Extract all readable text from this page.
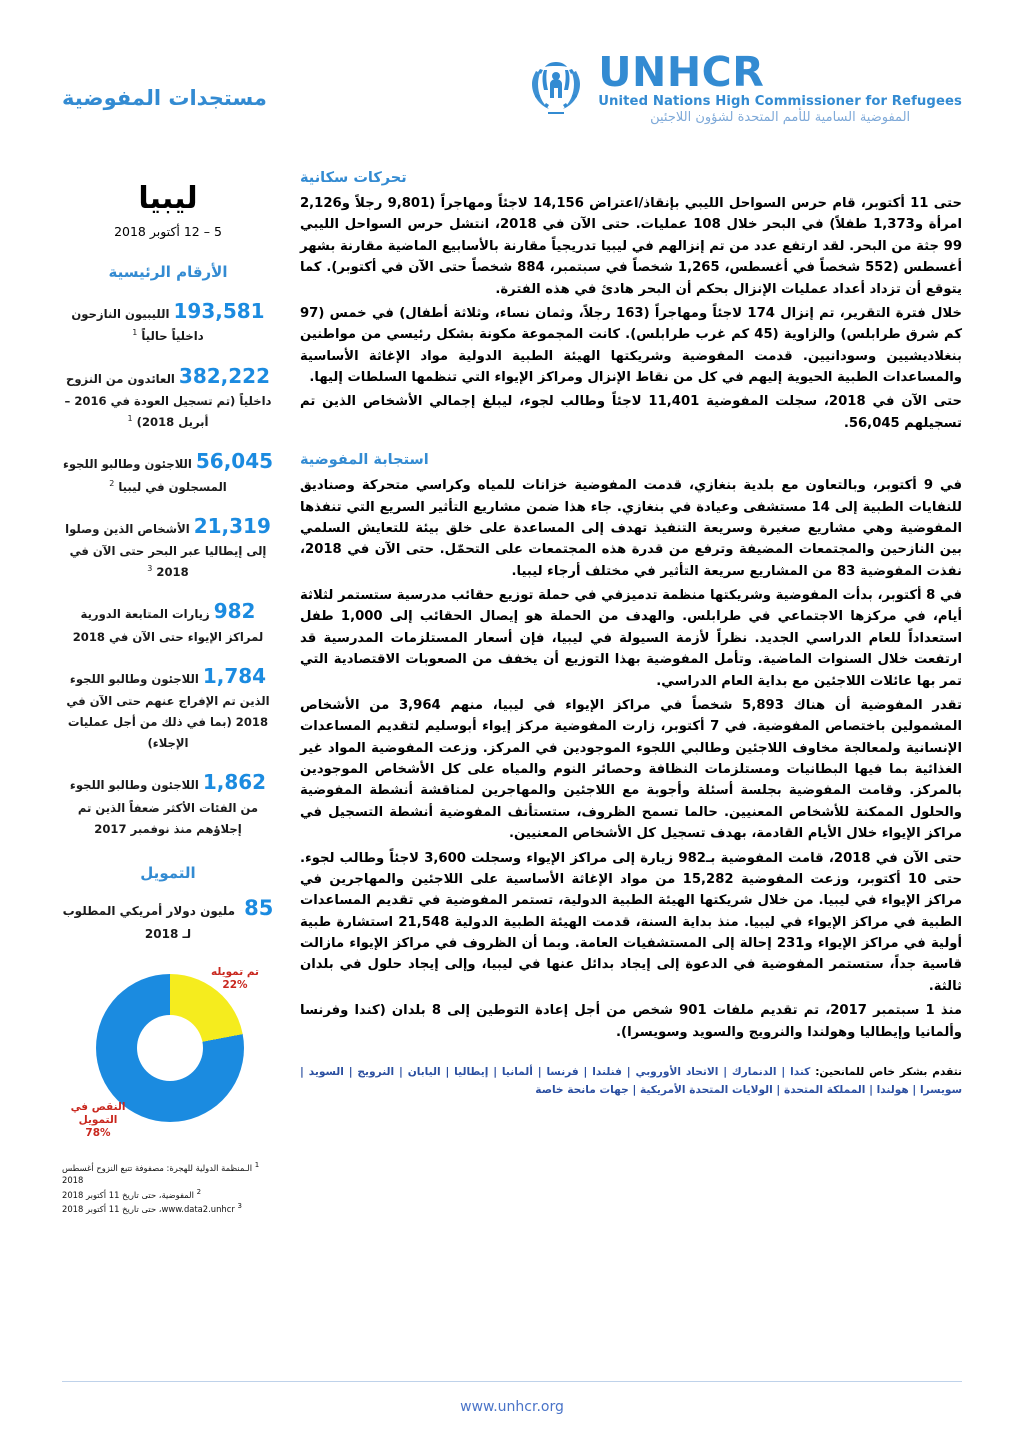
مستجدات المفوضية
UNHCR
United Nations High Commissioner for Refugees
المفوضية السامية للأمم المتحدة لشؤون اللاجئين
تحركات سكانية

حتى 11 أكتوبر، قام حرس السواحل الليبي بإنقاذ/اعتراض 14,156 لاجئاً ومهاجراً (9,801 رجلاً و2,126 امرأة و1,373 طفلاً) في البحر خلال 108 عمليات. حتى الآن في 2018، انتشل حرس السواحل الليبي 99 جثة من البحر. لقد ارتفع عدد من تم إنزالهم في ليبيا تدريجياً مقارنة بالأسابيع الماضية مقارنة بشهر أغسطس (552 شخصاً في أغسطس، 1,265 شخصاً في سبتمبر، 884 شخصاً حتى الآن في أكتوبر). كما يتوقع أن تزداد أعداد عمليات الإنزال بحكم أن البحر هادئ في هذه الفترة.

خلال فترة التقرير، تم إنزال 174 لاجئاً ومهاجراً (163 رجلاً، وثمان نساء، وثلاثة أطفال) في خمس (97 كم شرق طرابلس) والزاوية (45 كم غرب طرابلس). كانت المجموعة مكونة بشكل رئيسي من مواطنين بنغلاديشيين وسودانيين. قدمت المفوضية وشريكتها الهيئة الطبية الدولية مواد الإغاثة الأساسية والمساعدات الطبية الحيوية إليهم في كل من نقاط الإنزال ومراكز الإيواء التي تنظمها السلطات إليها.

حتى الآن في 2018، سجلت المفوضية 11,401 لاجئاً وطالب لجوء، ليبلغ إجمالي الأشخاص الذين تم تسجيلهم 56,045.

استجابة المفوضية

في 9 أكتوبر، وبالتعاون مع بلدية بنغازي، قدمت المفوضية خزانات للمياه وكراسي متحركة وصناديق للنفايات الطبية إلى 14 مستشفى وعيادة في بنغازي. جاء هذا ضمن مشاريع التأثير السريع التي تنفذها المفوضية وهي مشاريع صغيرة وسريعة التنفيذ تهدف إلى المساعدة على خلق بيئة للتعايش السلمي بين النازحين والمجتمعات المضيفة وترفع من قدرة هذه المجتمعات على التحمّل. حتى الآن في 2018، نفذت المفوضية 83 من المشاريع سريعة التأثير في مختلف أرجاء ليبيا.

في 8 أكتوبر، بدأت المفوضية وشريكتها منظمة تدميزفي في حملة توزيع حقائب مدرسية ستستمر لثلاثة أيام، في مركزها الاجتماعي في طرابلس. والهدف من الحملة هو إيصال الحقائب إلى 1,000 طفل استعداداً للعام الدراسي الجديد. نظراً لأزمة السيولة في ليبيا، فإن أسعار المستلزمات المدرسية قد ارتفعت خلال السنوات الماضية. وتأمل المفوضية بهذا التوزيع أن يخفف من الصعوبات الاقتصادية التي تمر بها عائلات اللاجئين مع بداية العام الدراسي.

تقدر المفوضية أن هناك 5,893 شخصاً في مراكز الإيواء في ليبيا، منهم 3,964 من الأشخاص المشمولين باختصاص المفوضية. في 7 أكتوبر، زارت المفوضية مركز إيواء أبوسليم لتقديم المساعدات الإنسانية ولمعالجة مخاوف اللاجئين وطالبي اللجوء الموجودين في المركز. وزعت المفوضية المواد غير الغذائية بما فيها البطانيات ومستلزمات النظافة وحصائر النوم والمياه على كل الأشخاص الموجودين بالمركز. وقامت المفوضية بجلسة أسئلة وأجوبة مع اللاجئين والمهاجرين لمناقشة أنشطة المفوضية والحلول الممكنة للأشخاص المعنيين. حالما تسمح الظروف، ستستأنف المفوضية أنشطة التسجيل في مراكز الإيواء خلال الأيام القادمة، بهدف تسجيل كل الأشخاص المعنيين.

حتى الآن في 2018، قامت المفوضية بـ982 زيارة إلى مراكز الإيواء وسجلت 3,600 لاجئاً وطالب لجوء. حتى 10 أكتوبر، وزعت المفوضية 15,282 من مواد الإغاثة الأساسية على اللاجئين والمهاجرين في مراكز الإيواء في ليبيا. من خلال شريكتها الهيئة الطبية الدولية، تستمر المفوضية في تقديم المساعدات الطبية في مراكز الإيواء في ليبيا. منذ بداية السنة، قدمت الهيئة الطبية الدولية 21,548 استشارة طبية أولية في مراكز الإيواء و231 إحالة إلى المستشفيات العامة. وبما أن الظروف في مراكز الإيواء مازالت قاسية جداً، ستستمر المفوضية في الدعوة إلى إيجاد بدائل عنها في ليبيا، وإلى إيجاد حلول في بلدان ثالثة.

منذ 1 سبتمبر 2017، تم تقديم ملفات 901 شخص من أجل إعادة التوطين إلى 8 بلدان (كندا وفرنسا وألمانيا وإيطاليا وهولندا والنرويج والسويد وسويسرا).

نتقدم بشكر خاص للمانحين: كندا | الدنمارك | الاتحاد الأوروبي | فنلندا | فرنسا | ألمانيا | إيطاليا | اليابان | النرويج | السويد | سويسرا | هولندا | المملكة المتحدة | الولايات المتحدة الأمريكية | جهات مانحة خاصة
ليبيا
5 – 12 أكتوبر 2018
الأرقام الرئيسية
193,581الليبيون النازحون داخلياً حالياً $^1$
382,222العائدون من النزوح داخلياً (تم تسجيل العودة في 2016 – أبريل 2018) $^1$
56,045اللاجئون وطالبو اللجوء المسجلون في ليبيا $^2$
21,319الأشخاص الذين وصلوا إلى إيطاليا عبر البحر حتى الآن في 2018 $^3$
982زيارات المتابعة الدورية لمراكز الإيواء حتى الآن في 2018
1,784اللاجئون وطالبو اللجوء الذين تم الإفراج عنهم حتى الآن في 2018 (بما في ذلك من أجل عمليات الإجلاء)
1,862اللاجئون وطالبو اللجوء من الفئات الأكثر ضعفاً الذين تم إجلاؤهم منذ نوفمبر 2017
التمويل
85 مليون دولار أمريكي المطلوب لـ 2018
تم تمويله
22%
النقص في التمويل
78%
$^1$ الـمنظمة الدولية للهجرة: مصفوفة تتبع النزوح أغسطس 2018
$^2$ المفوضية، حتى تاريخ 11 أكتوبر 2018
$^3$ www.data2.unhcr، حتى تاريخ 11 أكتوبر 2018
www.unhcr.org
